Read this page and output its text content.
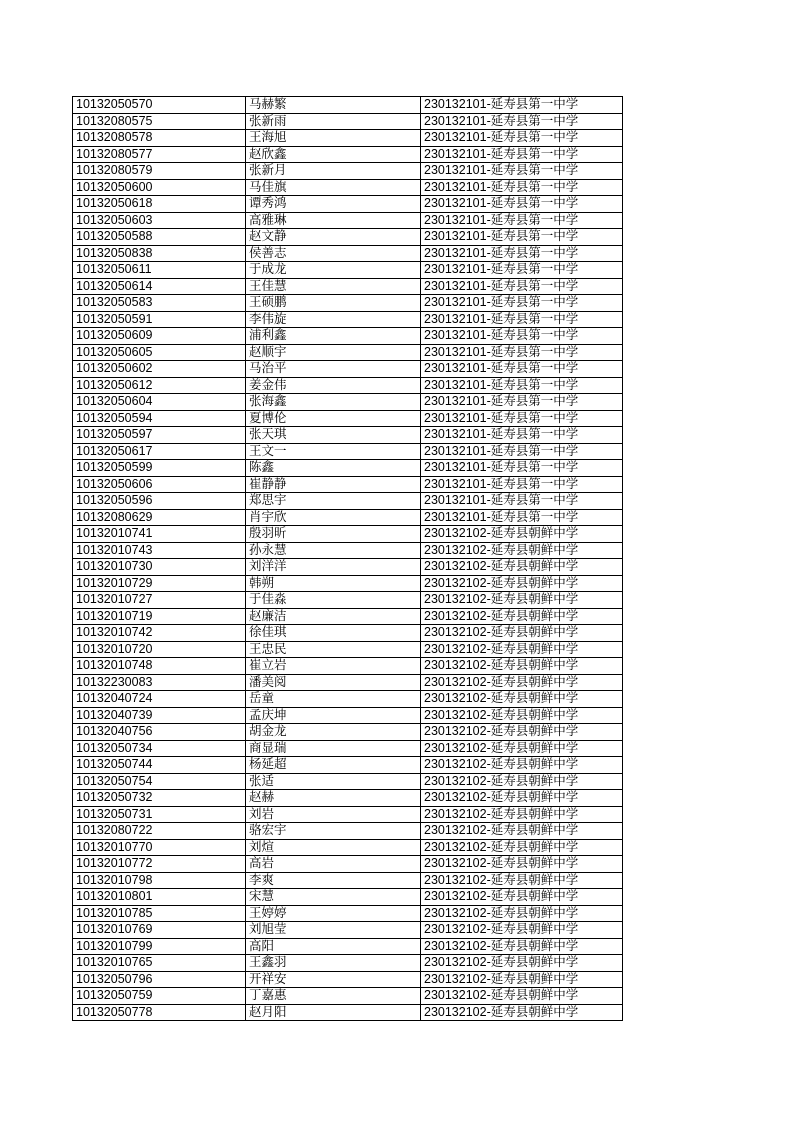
10132050570	马赫繁	230132101-延寿县第一中学
10132080575	张新雨	230132101-延寿县第一中学
10132080578	王海旭	230132101-延寿县第一中学
10132080577	赵欣鑫	230132101-延寿县第一中学
10132080579	张新月	230132101-延寿县第一中学
10132050600	马佳旗	230132101-延寿县第一中学
10132050618	谭秀鸿	230132101-延寿县第一中学
10132050603	高雅琳	230132101-延寿县第一中学
10132050588	赵文静	230132101-延寿县第一中学
10132050838	侯善志	230132101-延寿县第一中学
10132050611	于成龙	230132101-延寿县第一中学
10132050614	王佳慧	230132101-延寿县第一中学
10132050583	王硕鹏	230132101-延寿县第一中学
10132050591	李伟旋	230132101-延寿县第一中学
10132050609	浦利鑫	230132101-延寿县第一中学
10132050605	赵顺宇	230132101-延寿县第一中学
10132050602	马治平	230132101-延寿县第一中学
10132050612	姜金伟	230132101-延寿县第一中学
10132050604	张海鑫	230132101-延寿县第一中学
10132050594	夏博伦	230132101-延寿县第一中学
10132050597	张天琪	230132101-延寿县第一中学
10132050617	王文一	230132101-延寿县第一中学
10132050599	陈鑫	230132101-延寿县第一中学
10132050606	崔静静	230132101-延寿县第一中学
10132050596	郑思宇	230132101-延寿县第一中学
10132080629	肖宇欣	230132101-延寿县第一中学
10132010741	殷羽昕	230132102-延寿县朝鲜中学
10132010743	孙永慧	230132102-延寿县朝鲜中学
10132010730	刘洋洋	230132102-延寿县朝鲜中学
10132010729	韩朔	230132102-延寿县朝鲜中学
10132010727	于佳淼	230132102-延寿县朝鲜中学
10132010719	赵廉洁	230132102-延寿县朝鲜中学
10132010742	徐佳琪	230132102-延寿县朝鲜中学
10132010720	王忠民	230132102-延寿县朝鲜中学
10132010748	崔立岩	230132102-延寿县朝鲜中学
10132230083	潘美阅	230132102-延寿县朝鲜中学
10132040724	岳童	230132102-延寿县朝鲜中学
10132040739	孟庆坤	230132102-延寿县朝鲜中学
10132040756	胡金龙	230132102-延寿县朝鲜中学
10132050734	商显瑞	230132102-延寿县朝鲜中学
10132050744	杨延超	230132102-延寿县朝鲜中学
10132050754	张适	230132102-延寿县朝鲜中学
10132050732	赵赫	230132102-延寿县朝鲜中学
10132050731	刘岩	230132102-延寿县朝鲜中学
10132080722	骆宏宇	230132102-延寿县朝鲜中学
10132010770	刘煊	230132102-延寿县朝鲜中学
10132010772	高岩	230132102-延寿县朝鲜中学
10132010798	李爽	230132102-延寿县朝鲜中学
10132010801	宋慧	230132102-延寿县朝鲜中学
10132010785	王婷婷	230132102-延寿县朝鲜中学
10132010769	刘旭莹	230132102-延寿县朝鲜中学
10132010799	高阳	230132102-延寿县朝鲜中学
10132010765	王鑫羽	230132102-延寿县朝鲜中学
10132050796	开祥安	230132102-延寿县朝鲜中学
10132050759	丁嘉惠	230132102-延寿县朝鲜中学
10132050778	赵月阳	230132102-延寿县朝鲜中学
